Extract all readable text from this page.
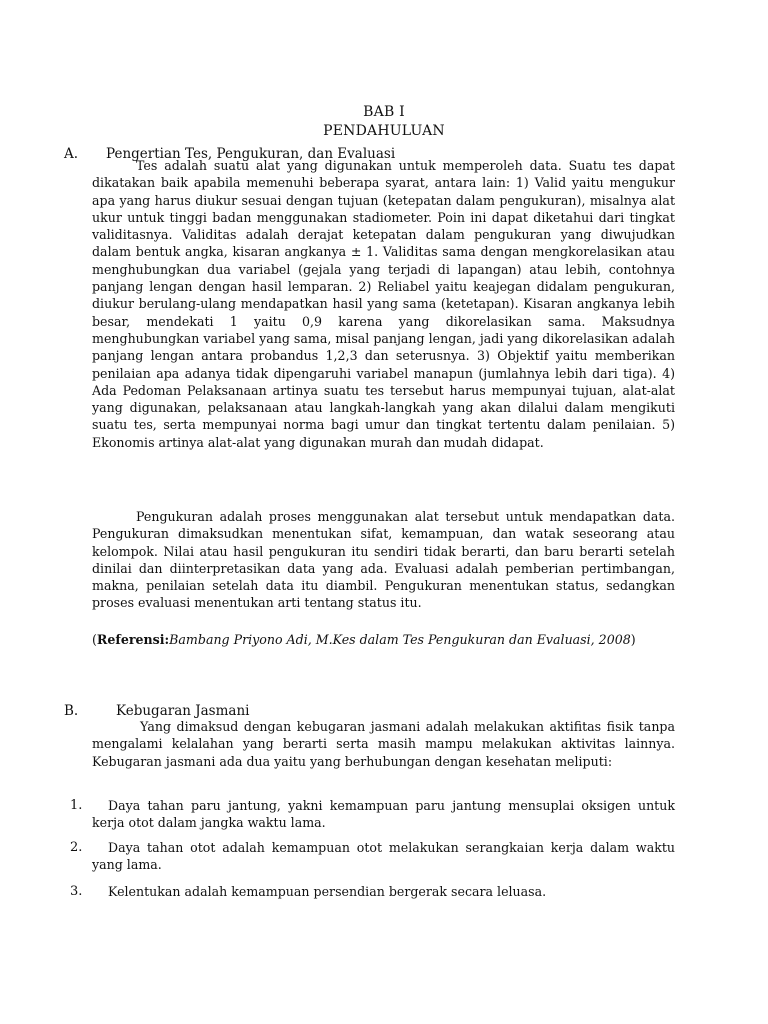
BAB I
PENDAHULUAN
A. Pengertian Tes, Pengukuran, dan Evaluasi
Tes adalah suatu alat yang digunakan untuk memperoleh data. Suatu tes dapat dikatakan baik apabila memenuhi beberapa syarat, antara lain: 1) Valid yaitu mengukur apa yang harus diukur sesuai dengan tujuan (ketepatan dalam pengukuran), misalnya alat ukur untuk tinggi badan menggunakan stadiometer. Poin ini dapat diketahui dari tingkat validitasnya. Validitas adalah derajat ketepatan dalam pengukuran yang diwujudkan dalam bentuk angka, kisaran angkanya ± 1. Validitas sama dengan mengkorelasikan atau menghubungkan dua variabel (gejala yang terjadi di lapangan) atau lebih, contohnya panjang lengan dengan hasil lemparan. 2) Reliabel yaitu keajegan didalam pengukuran, diukur berulang-ulang mendapatkan hasil yang sama (ketetapan). Kisaran angkanya lebih besar, mendekati 1 yaitu 0,9 karena yang dikorelasikan sama. Maksudnya menghubungkan variabel yang sama, misal panjang lengan, jadi yang dikorelasikan adalah panjang lengan antara probandus 1,2,3 dan seterusnya. 3) Objektif yaitu memberikan penilaian apa adanya tidak dipengaruhi variabel manapun (jumlahnya lebih dari tiga). 4) Ada Pedoman Pelaksanaan artinya suatu tes tersebut harus mempunyai tujuan, alat-alat yang digunakan, pelaksanaan atau langkah-langkah yang akan dilalui dalam mengikuti suatu tes, serta mempunyai norma bagi umur dan tingkat tertentu dalam penilaian. 5) Ekonomis artinya alat-alat yang digunakan murah dan mudah didapat.
Pengukuran adalah proses menggunakan alat tersebut untuk mendapatkan data. Pengukuran dimaksudkan menentukan sifat, kemampuan, dan watak seseorang atau kelompok. Nilai atau hasil pengukuran itu sendiri tidak berarti, dan baru berarti setelah dinilai dan diinterpretasikan data yang ada. Evaluasi adalah pemberian pertimbangan, makna, penilaian setelah data itu diambil. Pengukuran menentukan status, sedangkan proses evaluasi menentukan arti tentang status itu.
(Referensi:Bambang Priyono Adi, M.Kes dalam Tes Pengukuran dan Evaluasi, 2008)
B.	Kebugaran Jasmani
Yang dimaksud dengan kebugaran jasmani adalah melakukan aktifitas fisik tanpa mengalami kelalahan yang berarti serta masih mampu melakukan aktivitas lainnya. Kebugaran jasmani ada dua yaitu yang berhubungan dengan kesehatan meliputi:
1.	Daya tahan paru jantung, yakni kemampuan paru jantung mensuplai oksigen untuk kerja otot dalam jangka waktu lama.
2.	Daya tahan otot adalah kemampuan otot melakukan serangkaian kerja dalam waktu yang lama.
3.	Kelentukan adalah kemampuan persendian bergerak secara leluasa.
